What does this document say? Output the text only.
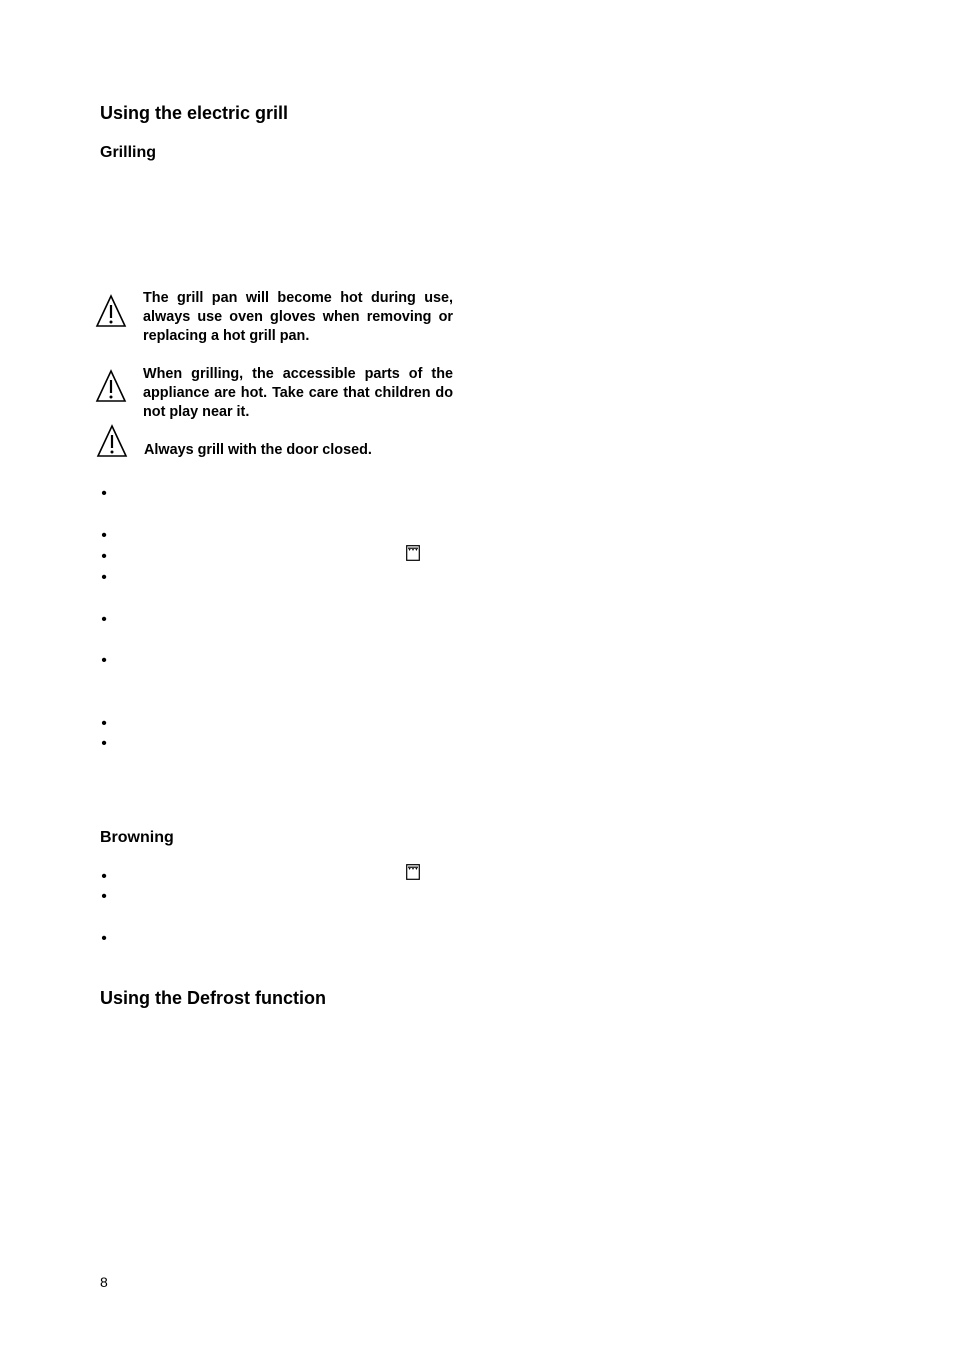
Using the electric grill
Grilling
The grill pan will become hot during use, always use oven gloves when removing or replacing a hot grill pan.
When grilling, the accessible parts of the appliance are hot. Take care that children do not play near it.
Always grill with the door closed.
•
•
•
•
•
•
•
•
Browning
•
•
•
Using the Defrost function
8
